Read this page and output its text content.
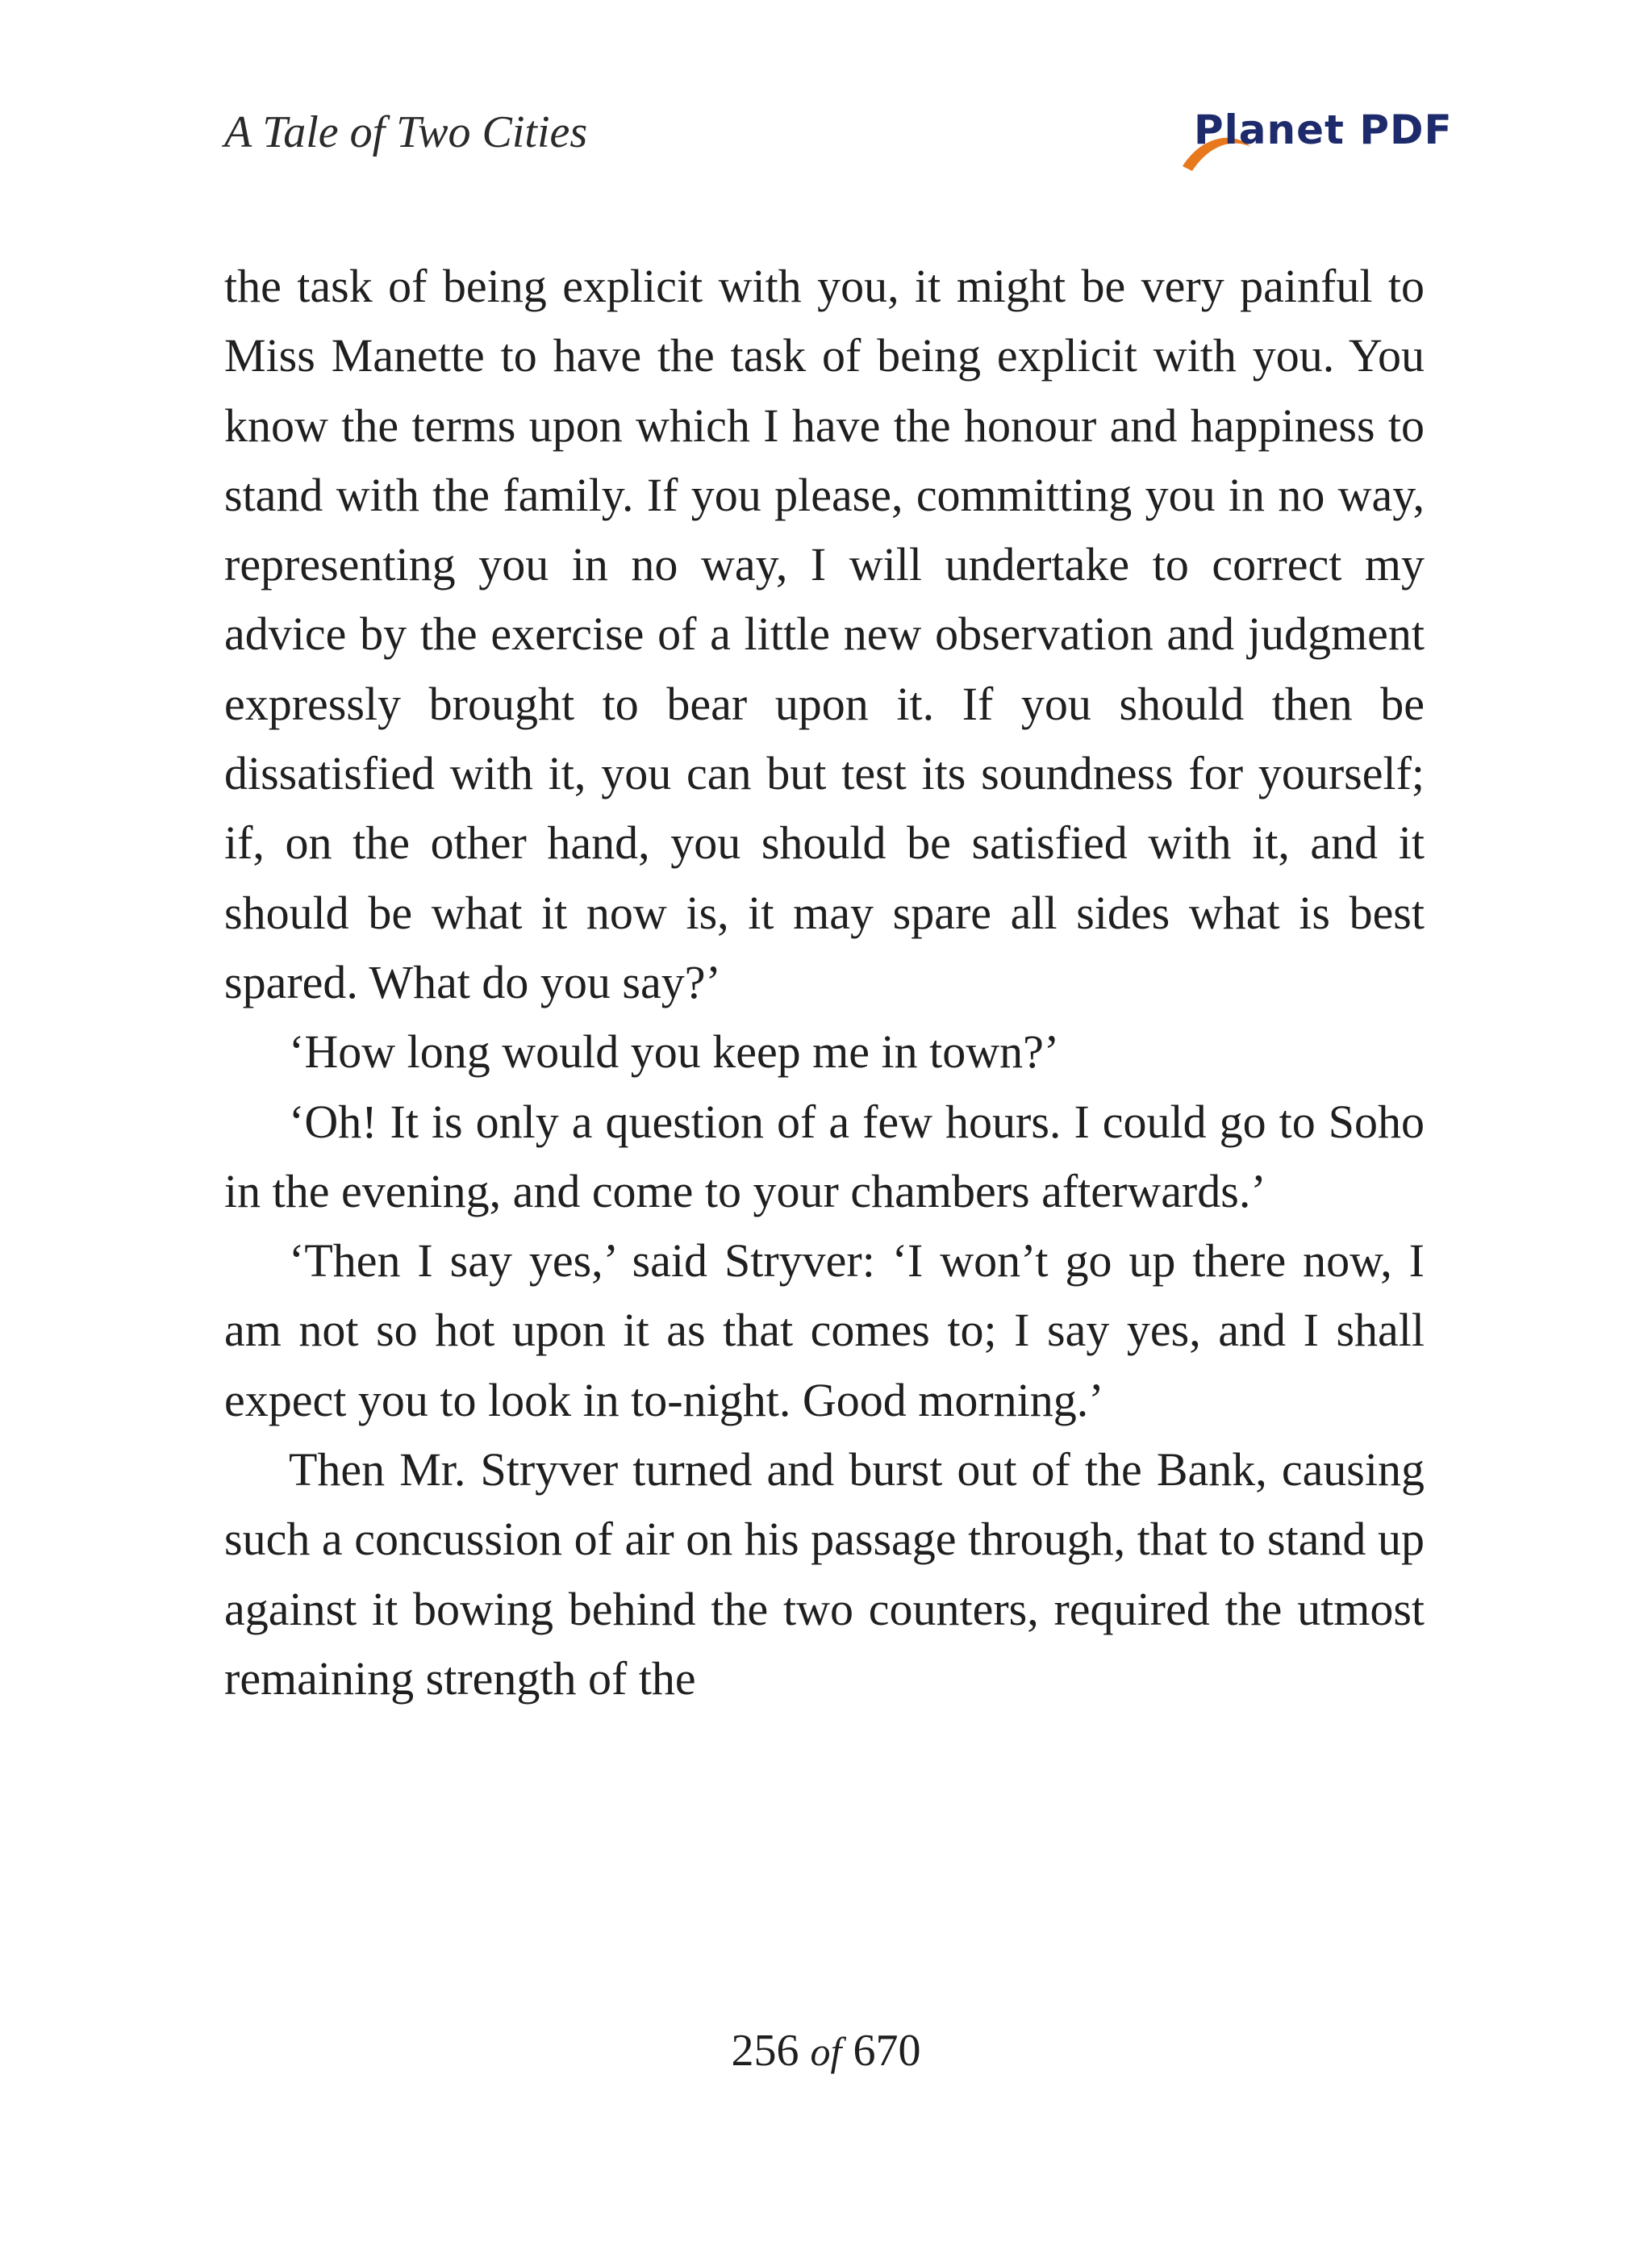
A Tale of Two Cities	Planet PDF

the task of being explicit with you, it might be very painful to Miss Manette to have the task of being explicit with you. You know the terms upon which I have the honour and happiness to stand with the family. If you please, committing you in no way, representing you in no way, I will undertake to correct my advice by the exercise of a little new observation and judgment expressly brought to bear upon it. If you should then be dissatisfied with it, you can but test its soundness for yourself; if, on the other hand, you should be satisfied with it, and it should be what it now is, it may spare all sides what is best spared. What do you say?’

‘How long would you keep me in town?’

‘Oh! It is only a question of a few hours. I could go to Soho in the evening, and come to your chambers afterwards.’

‘Then I say yes,’ said Stryver: ‘I won’t go up there now, I am not so hot upon it as that comes to; I say yes, and I shall expect you to look in to-night. Good morning.’

Then Mr. Stryver turned and burst out of the Bank, causing such a concussion of air on his passage through, that to stand up against it bowing behind the two counters, required the utmost remaining strength of the

256 of 670
